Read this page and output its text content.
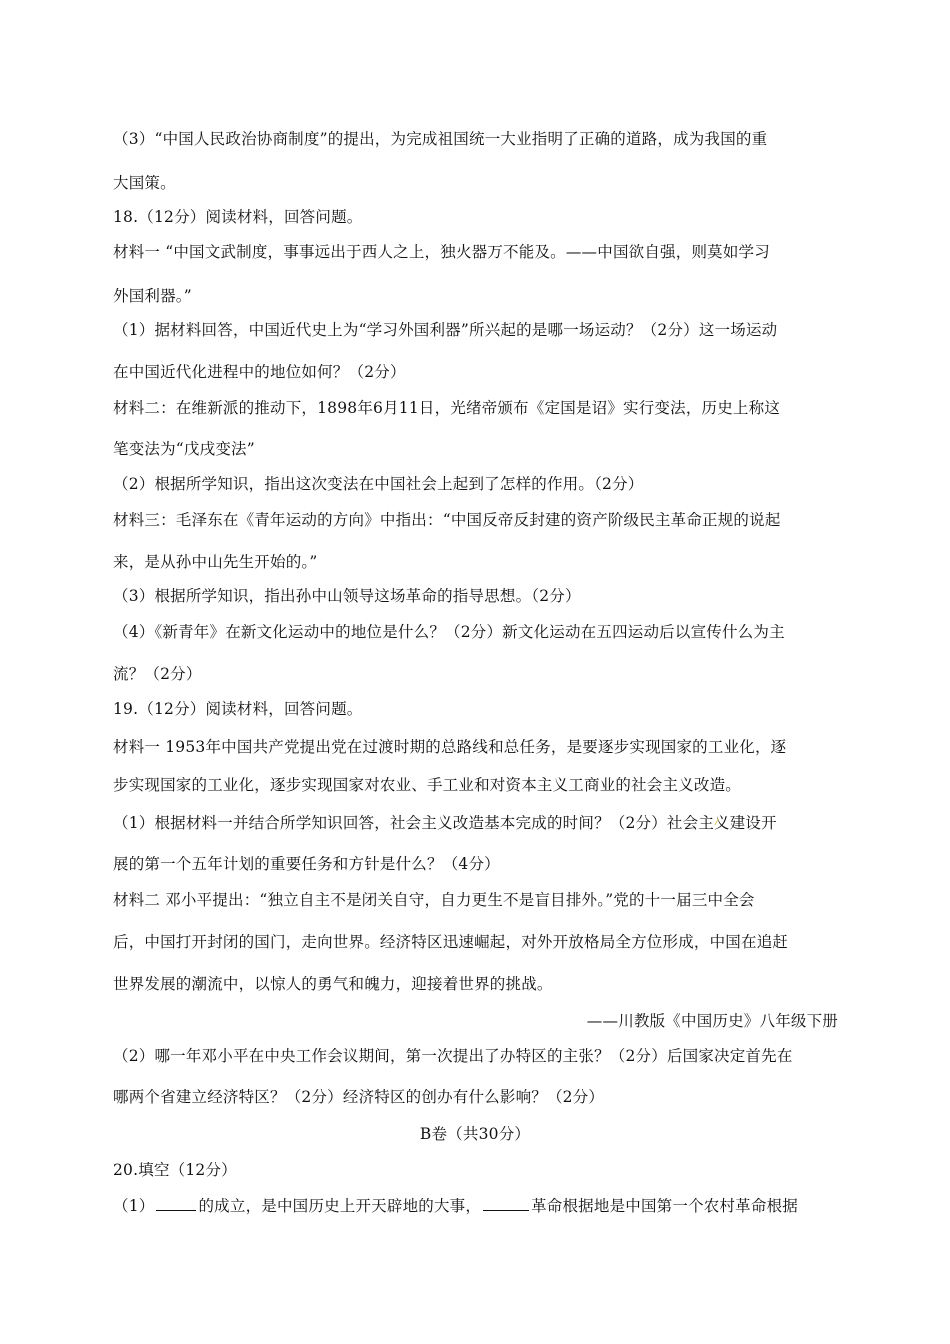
（3）“中国人民政治协商制度”的提出，为完成祖国统一大业指明了正确的道路，成为我国的重
大国策。
18.（12分）阅读材料，回答问题。
材料一 “中国文武制度，事事远出于西人之上，独火器万不能及。——中国欲自强，则莫如学习
外国利器。”
（1）据材料回答，中国近代史上为“学习外国利器”所兴起的是哪一场运动？（2分）这一场运动
在中国近代化进程中的地位如何？（2分）
材料二：在维新派的推动下，1898年6月11日，光绪帝颁布《定国是诏》实行变法，历史上称这
笔变法为“戊戌变法”
（2）根据所学知识，指出这次变法在中国社会上起到了怎样的作用。（2分）
材料三：毛泽东在《青年运动的方向》中指出：“中国反帝反封建的资产阶级民主革命正规的说起
来，是从孙中山先生开始的。”
（3）根据所学知识，指出孙中山领导这场革命的指导思想。（2分）
（4）《新青年》在新文化运动中的地位是什么？（2分）新文化运动在五四运动后以宣传什么为主
流？（2分）
19.（12分）阅读材料，回答问题。
材料一 1953年中国共产党提出党在过渡时期的总路线和总任务，是要逐步实现国家的工业化，逐
步实现国家的工业化，逐步实现国家对农业、手工业和对资本主义工商业的社会主义改造。
（1）根据材料一并结合所学知识回答，社会主义改造基本完成的时间？（2分）社会主义建设开
展的第一个五年计划的重要任务和方针是什么？（4分）
材料二 邓小平提出：“独立自主不是闭关自守，自力更生不是盲目排外。”党的十一届三中全会
后，中国打开封闭的国门，走向世界。经济特区迅速崛起，对外开放格局全方位形成，中国在追赶
世界发展的潮流中，以惊人的勇气和魄力，迎接着世界的挑战。
——川教版《中国历史》八年级下册
（2）哪一年邓小平在中央工作会议期间，第一次提出了办特区的主张？（2分）后国家决定首先在
哪两个省建立经济特区？（2分）经济特区的创办有什么影响？（2分）
B卷（共30分）
20.填空（12分）
（1）	的成立，是中国历史上开天辟地的大事，	革命根据地是中国第一个农村革命根据
